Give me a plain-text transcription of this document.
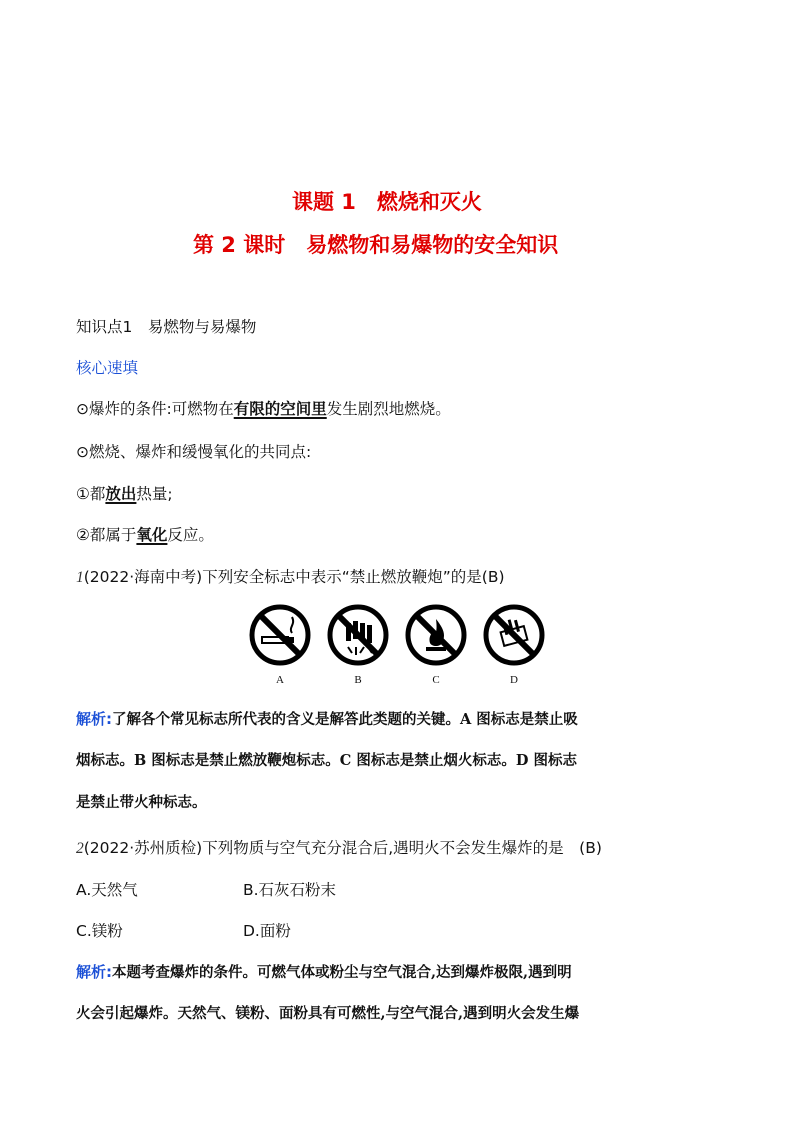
课题 1　燃烧和灭火
第 2 课时　易燃物和易爆物的安全知识
知识点1　易燃物与易爆物
核心速填
⊙爆炸的条件:可燃物在有限的空间里发生剧烈地燃烧。
⊙燃烧、爆炸和缓慢氧化的共同点:
①都放出热量;
②都属于氧化反应。
1(2022·海南中考)下列安全标志中表示“禁止燃放鞭炮”的是(B)
A	B	C	D
解析:了解各个常见标志所代表的含义是解答此类题的关键。A 图标志是禁止吸
烟标志。B 图标志是禁止燃放鞭炮标志。C 图标志是禁止烟火标志。D 图标志
是禁止带火种标志。
2(2022·苏州质检)下列物质与空气充分混合后,遇明火不会发生爆炸的是　(B)
A.天然气	B.石灰石粉末
C.镁粉	D.面粉
解析:本题考查爆炸的条件。可燃气体或粉尘与空气混合,达到爆炸极限,遇到明
火会引起爆炸。天然气、镁粉、面粉具有可燃性,与空气混合,遇到明火会发生爆
